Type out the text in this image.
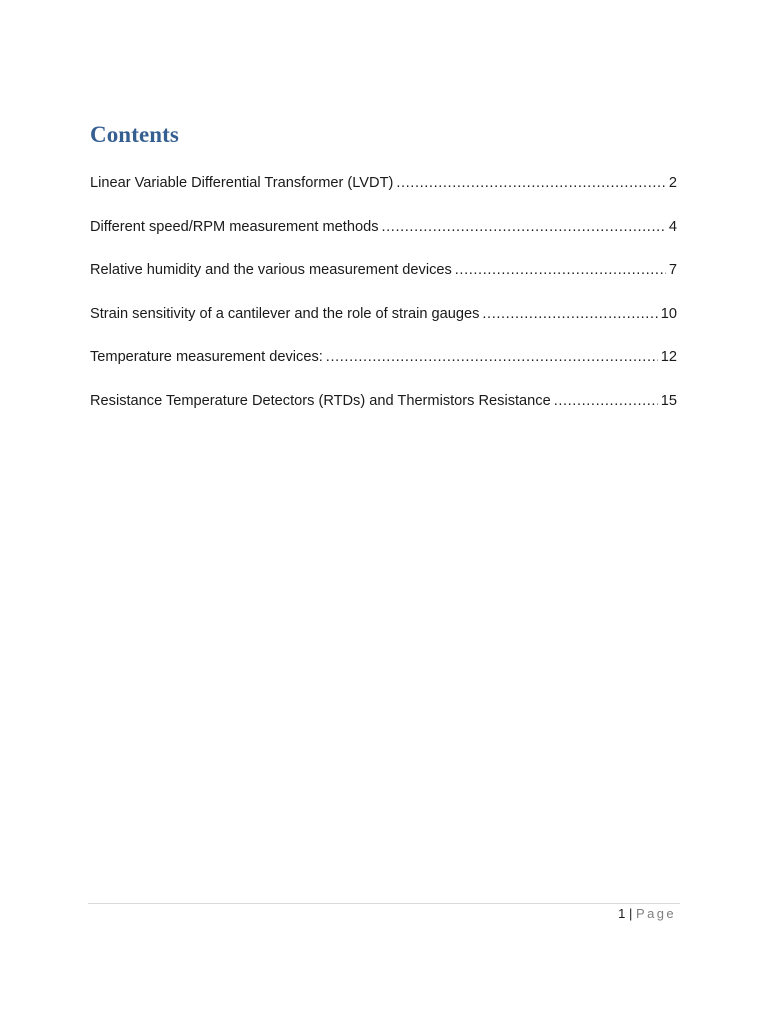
Contents
Linear Variable Differential Transformer (LVDT) .....	2
Different speed/RPM measurement methods .....	4
Relative humidity and the various measurement devices .....	7
Strain sensitivity of a cantilever and the role of strain gauges .....	10
Temperature measurement devices: .....	12
Resistance Temperature Detectors (RTDs) and Thermistors Resistance .....	15
1 | Page
